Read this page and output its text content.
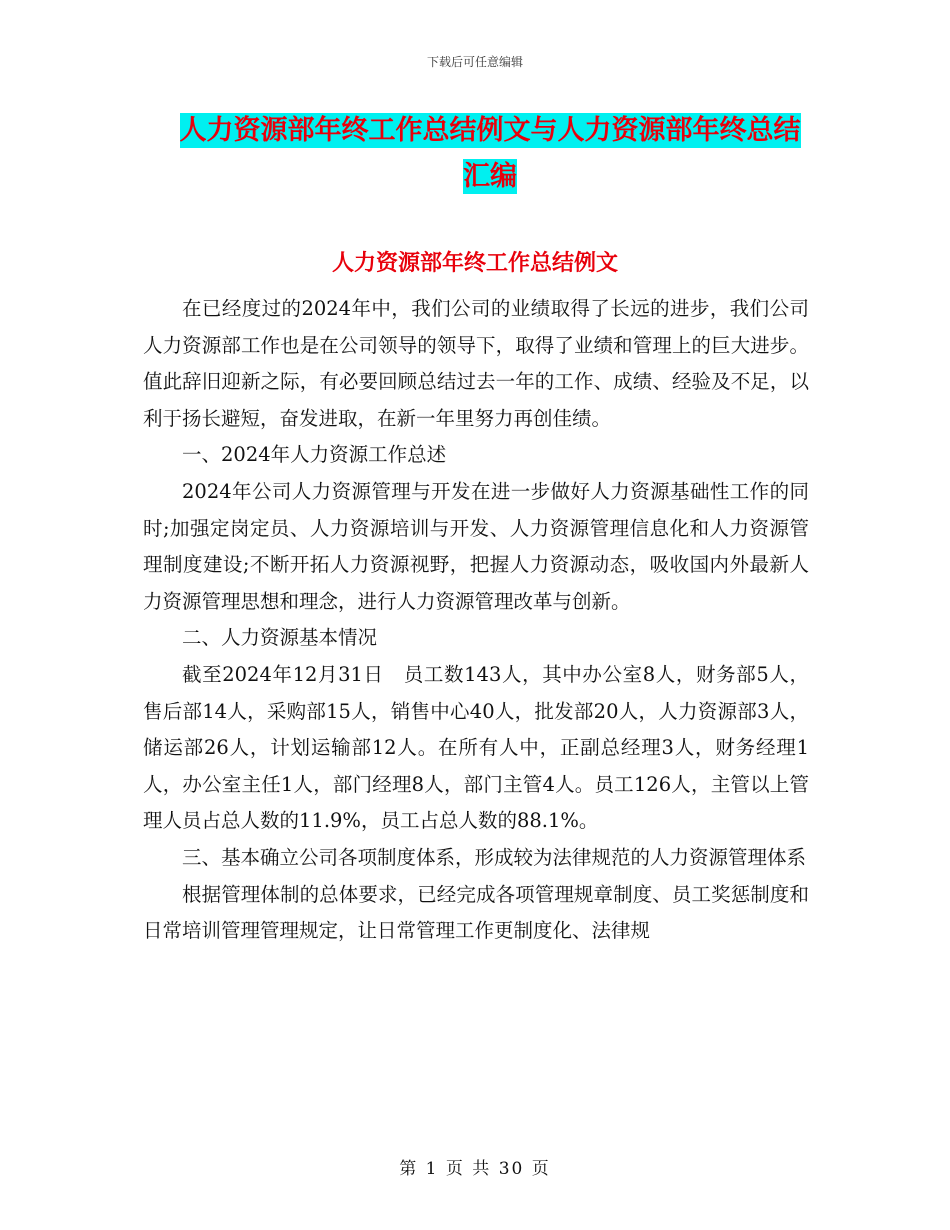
下载后可任意编辑
人力资源部年终工作总结例文与人力资源部年终总结
汇编
人力资源部年终工作总结例文

在已经度过的2024年中，我们公司的业绩取得了长远的进步，我们公司人力资源部工作也是在公司领导的领导下，取得了业绩和管理上的巨大进步。值此辞旧迎新之际，有必要回顾总结过去一年的工作、成绩、经验及不足，以利于扬长避短，奋发进取，在新一年里努力再创佳绩。

一、2024年人力资源工作总述

2024年公司人力资源管理与开发在进一步做好人力资源基础性工作的同时;加强定岗定员、人力资源培训与开发、人力资源管理信息化和人力资源管理制度建设;不断开拓人力资源视野，把握人力资源动态，吸收国内外最新人力资源管理思想和理念，进行人力资源管理改革与创新。

二、人力资源基本情况

截至2024年12月31日　员工数143人，其中办公室8人，财务部5人，售后部14人，采购部15人，销售中心40人，批发部20人，人力资源部3人，储运部26人，计划运输部12人。在所有人中，正副总经理3人，财务经理1人，办公室主任1人，部门经理8人，部门主管4人。员工126人，主管以上管理人员占总人数的11.9%，员工占总人数的88.1%。

三、基本确立公司各项制度体系，形成较为法律规范的人力资源管理体系

根据管理体制的总体要求，已经完成各项管理规章制度、员工奖惩制度和日常培训管理管理规定，让日常管理工作更制度化、法律规

第 1 页 共 30 页
